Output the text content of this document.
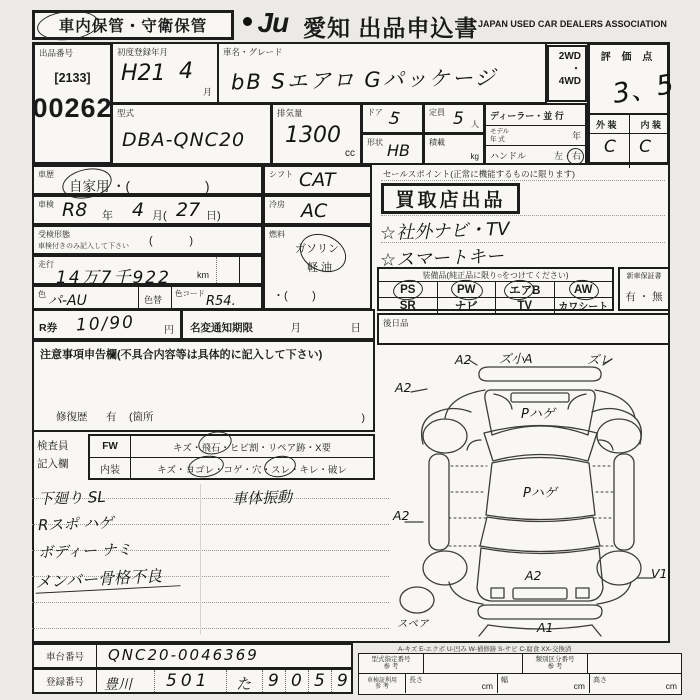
車内保管・守衛保管	Ju 愛知 出品申込書 JAPAN USED CAR DEALERS ASSOCIATION
出品番号
[2133]
00262
初度登録年月
H21 4
月
車名・グレード
bB Sエアロ Gパッケージ
2WD
・
4WD
評 価 点
3、5
外 装	内 装
C C
型式
DBA-QNC20
排気量
1300
cc
ドア 5	定員 5 人
形状 HB 積載
kg
ディーラー・並 行
モデル
年 式	年
ハンドル	左・右
車歴
自家用 ・(                    )
車検 R8 年 4 月( 27 日)
受検形態
車検付きのみ記入して下さい (            )
走行
14万7千922	km
色 パ-AU	色替
色コード
R54.
シフト CAT
冷房 AC
燃料
ガソリン
軽 油
・(        )
セールスポイント(正常に機能するものに限ります)
買取店出品
☆社外ナビ・TV
☆スマートキー
装備品(純正品に限り○をつけてください)
PS	PW	エアB	AW
SR	ナビ	TV	カワシート
新車保証書
有 ・ 無
後日品
R券 10/90	円 名変通知期限	月	日
注意事項申告欄(不具合内容等は具体的に記入して下さい)
修復歴 有 (箇所	)
検査員
記入欄
FW	キズ・飛石・ヒビ割・リペア跡・X要
内装	キズ・ヨゴレ・コゲ・穴・スレ・キレ・破レ
下廻り SL	車体振動
Rスポ ハゲ
ボディー ナミ
メンバー骨格不良
A2 ズ小A	ズレ
A2
Pハゲ
A2
Pハゲ
A2	V1
A1
スペア
車台番号 QNC20-0046369
登録番号 豊川 501 た 9 0 5 9
A-キズ E-エクボ U-凹み W-補修跡 S-サビ C-腐食 XX-交換済
型式指定番号
参 考
類別区分番号
参 考
車検証利用
参 考
長さ
cm
幅
cm
高さ
cm
